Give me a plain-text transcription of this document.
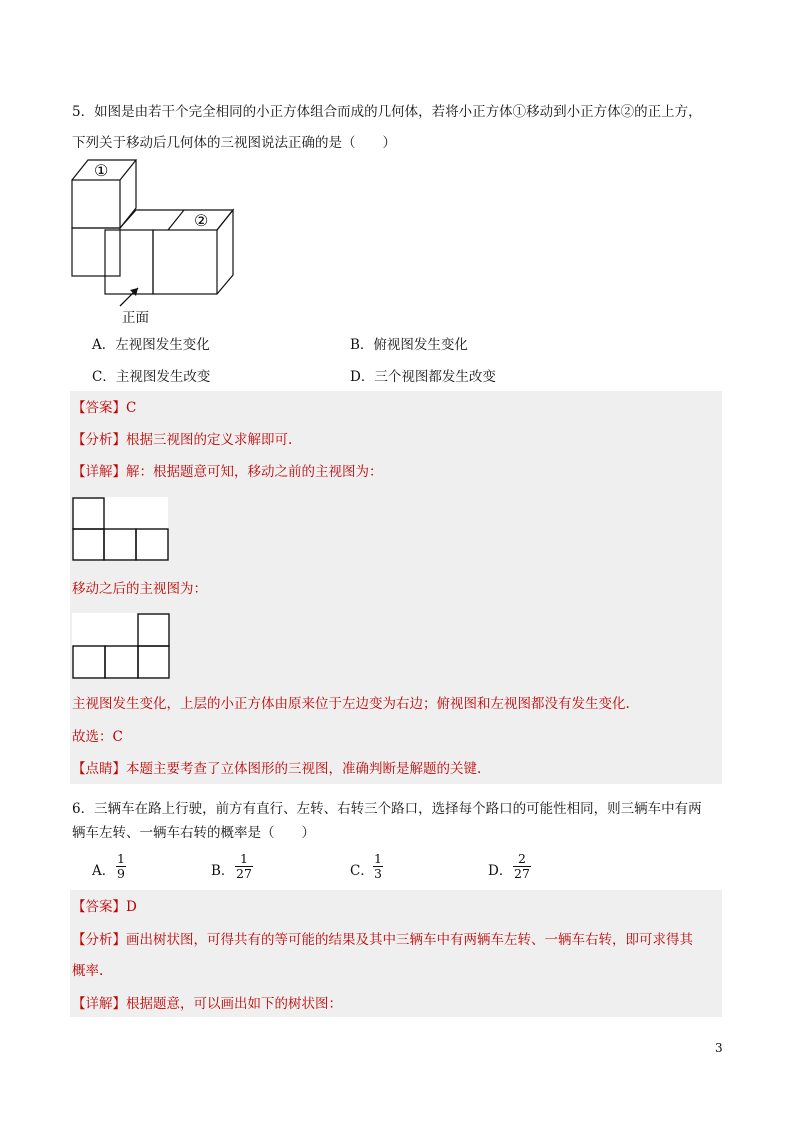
5．如图是由若干个完全相同的小正方体组合而成的几何体，若将小正方体①移动到小正方体②的正上方，
下列关于移动后几何体的三视图说法正确的是（　　）
①
②
正面
A．左视图发生变化	B．俯视图发生变化
C．主视图发生改变	D．三个视图都发生改变
【答案】C
【分析】根据三视图的定义求解即可.
【详解】解：根据题意可知，移动之前的主视图为：
移动之后的主视图为：
主视图发生变化，上层的小正方体由原来位于左边变为右边；俯视图和左视图都没有发生变化.
故选：C
【点睛】本题主要考查了立体图形的三视图，准确判断是解题的关键.
6．三辆车在路上行驶，前方有直行、左转、右转三个路口，选择每个路口的可能性相同，则三辆车中有两
辆车左转、一辆车右转的概率是（　　）
A． $\frac{1}{9}$	B． $\frac{1}{27}$	C． $\frac{1}{3}$	D． $\frac{2}{27}$
【答案】D
【分析】画出树状图，可得共有的等可能的结果及其中三辆车中有两辆车左转、一辆车右转，即可求得其
概率.
【详解】根据题意，可以画出如下的树状图：
3
